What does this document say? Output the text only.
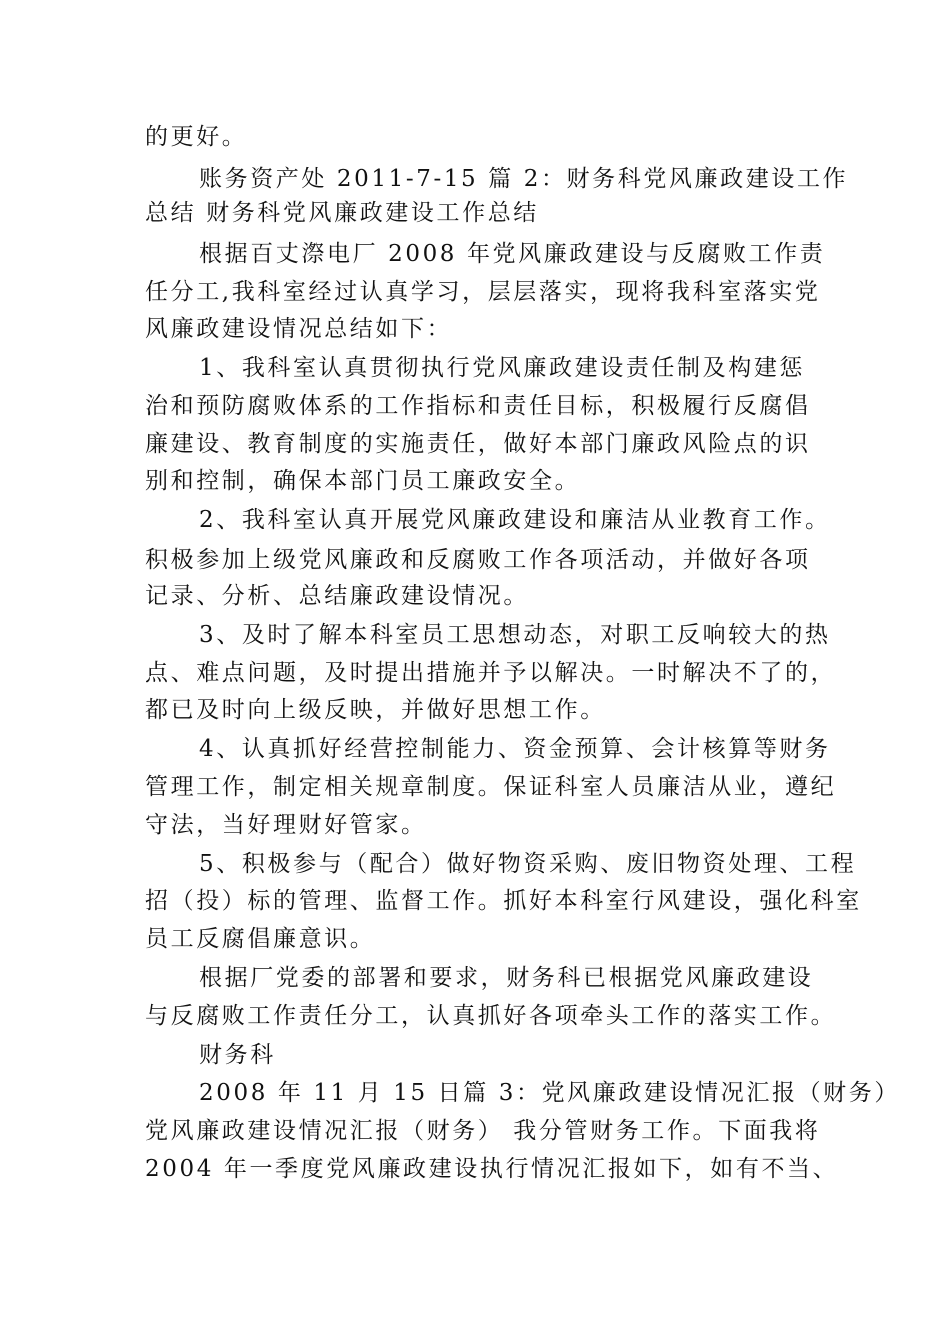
的更好。

账务资产处 2011-7-15 篇 2：财务科党风廉政建设工作

总结 财务科党风廉政建设工作总结

根据百丈漈电厂 2008 年党风廉政建设与反腐败工作责

任分工,我科室经过认真学习，层层落实，现将我科室落实党

风廉政建设情况总结如下：

1、我科室认真贯彻执行党风廉政建设责任制及构建惩

治和预防腐败体系的工作指标和责任目标，积极履行反腐倡

廉建设、教育制度的实施责任，做好本部门廉政风险点的识

别和控制，确保本部门员工廉政安全。

2、我科室认真开展党风廉政建设和廉洁从业教育工作。

积极参加上级党风廉政和反腐败工作各项活动，并做好各项

记录、分析、总结廉政建设情况。

3、及时了解本科室员工思想动态，对职工反响较大的热

点、难点问题，及时提出措施并予以解决。一时解决不了的，

都已及时向上级反映，并做好思想工作。

4、认真抓好经营控制能力、资金预算、会计核算等财务

管理工作，制定相关规章制度。保证科室人员廉洁从业，遵纪

守法，当好理财好管家。

5、积极参与（配合）做好物资采购、废旧物资处理、工程

招（投）标的管理、监督工作。抓好本科室行风建设，强化科室

员工反腐倡廉意识。

根据厂党委的部署和要求，财务科已根据党风廉政建设

与反腐败工作责任分工，认真抓好各项牵头工作的落实工作。

财务科

2008 年 11 月 15 日篇 3：党风廉政建设情况汇报（财务）

党风廉政建设情况汇报（财务） 我分管财务工作。下面我将

2004 年一季度党风廉政建设执行情况汇报如下，如有不当、
